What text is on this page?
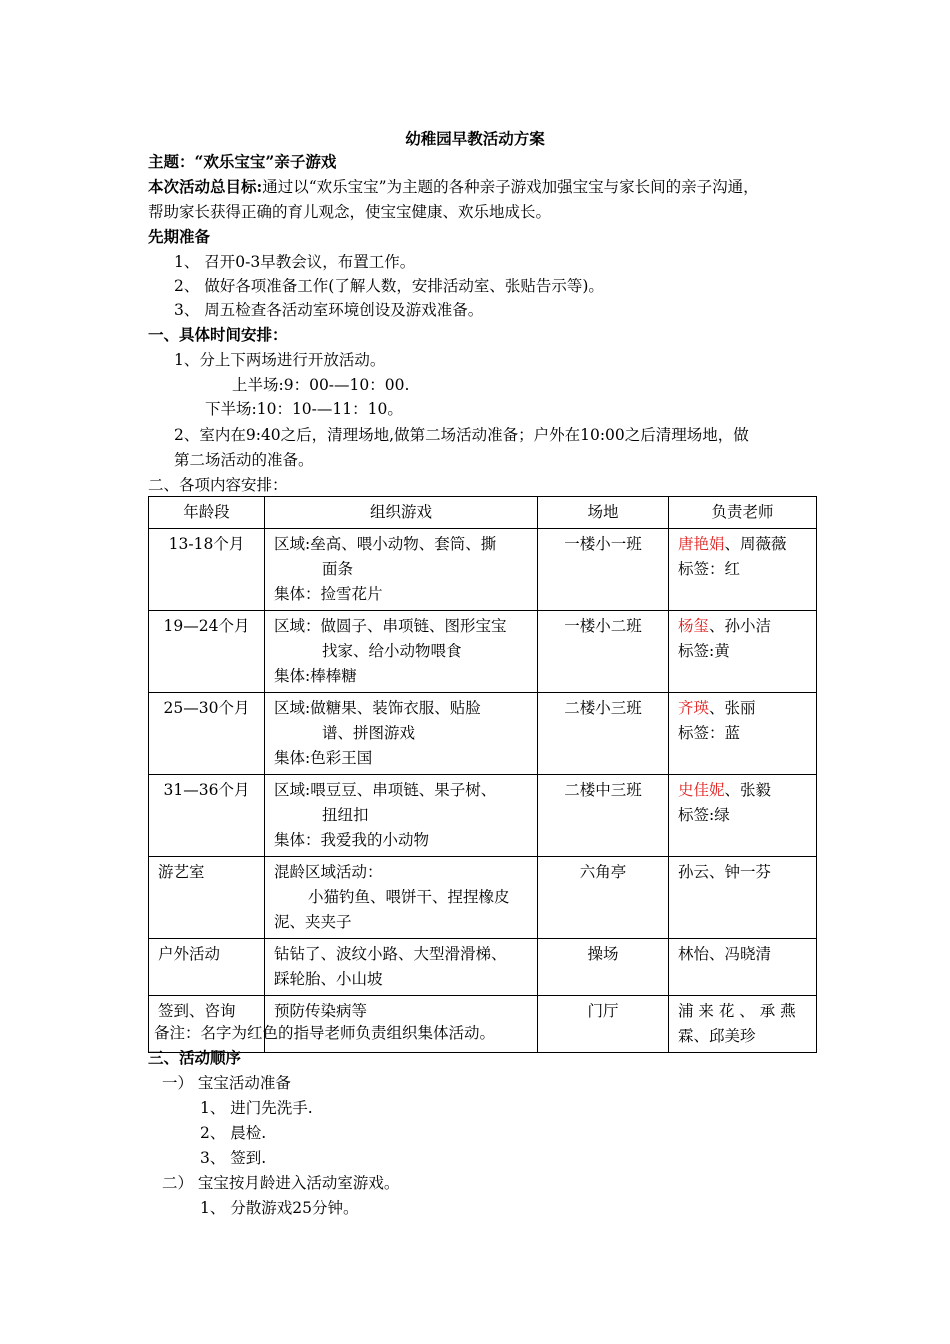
幼稚园早教活动方案
主题：“欢乐宝宝”亲子游戏
本次活动总目标:通过以“欢乐宝宝”为主题的各种亲子游戏加强宝宝与家长间的亲子沟通，
帮助家长获得正确的育儿观念，使宝宝健康、欢乐地成长。
先期准备
1、 召开0-3早教会议，布置工作。
2、 做好各项准备工作(了解人数，安排活动室、张贴告示等)。
3、 周五检查各活动室环境创设及游戏准备。
一、具体时间安排：
1、分上下两场进行开放活动。
上半场:9：00-—10：00.
下半场:10：10-—11：10。
2、室内在9:40之后，清理场地,做第二场活动准备；户外在10:00之后清理场地，做
第二场活动的准备。
二、各项内容安排：
年龄段	组织游戏	场地	负责老师
13-18个月	区域:垒高、喂小动物、套筒、撕
面条
集体：捡雪花片	一楼小一班	唐艳娟、周薇薇
标签：红
19—24个月	区域：做圆子、串项链、图形宝宝
找家、给小动物喂食
集体:棒棒糖	一楼小二班	杨玺、孙小洁
标签:黄
25—30个月	区域:做糖果、装饰衣服、贴脸
谱、拼图游戏
集体:色彩王国	二楼小三班	齐瑛、张丽
标签：蓝
31—36个月	区域:喂豆豆、串项链、果子树、
扭纽扣
集体：我爱我的小动物	二楼中三班	史佳妮、张毅
标签:绿
游艺室	混龄区域活动：
小猫钓鱼、喂饼干、捏捏橡皮
泥、夹夹子	六角亭	孙云、钟一芬
户外活动	钻钻了、波纹小路、大型滑滑梯、
踩轮胎、小山坡	操场	林怡、冯晓清
签到、咨询	预防传染病等	门厅	浦 来 花 、 承 燕
霖、邱美珍
备注：名字为红色的指导老师负责组织集体活动。
三、活动顺序
一） 宝宝活动准备
1、 进门先洗手.
2、 晨检.
3、 签到.
二） 宝宝按月龄进入活动室游戏。
1、 分散游戏25分钟。
